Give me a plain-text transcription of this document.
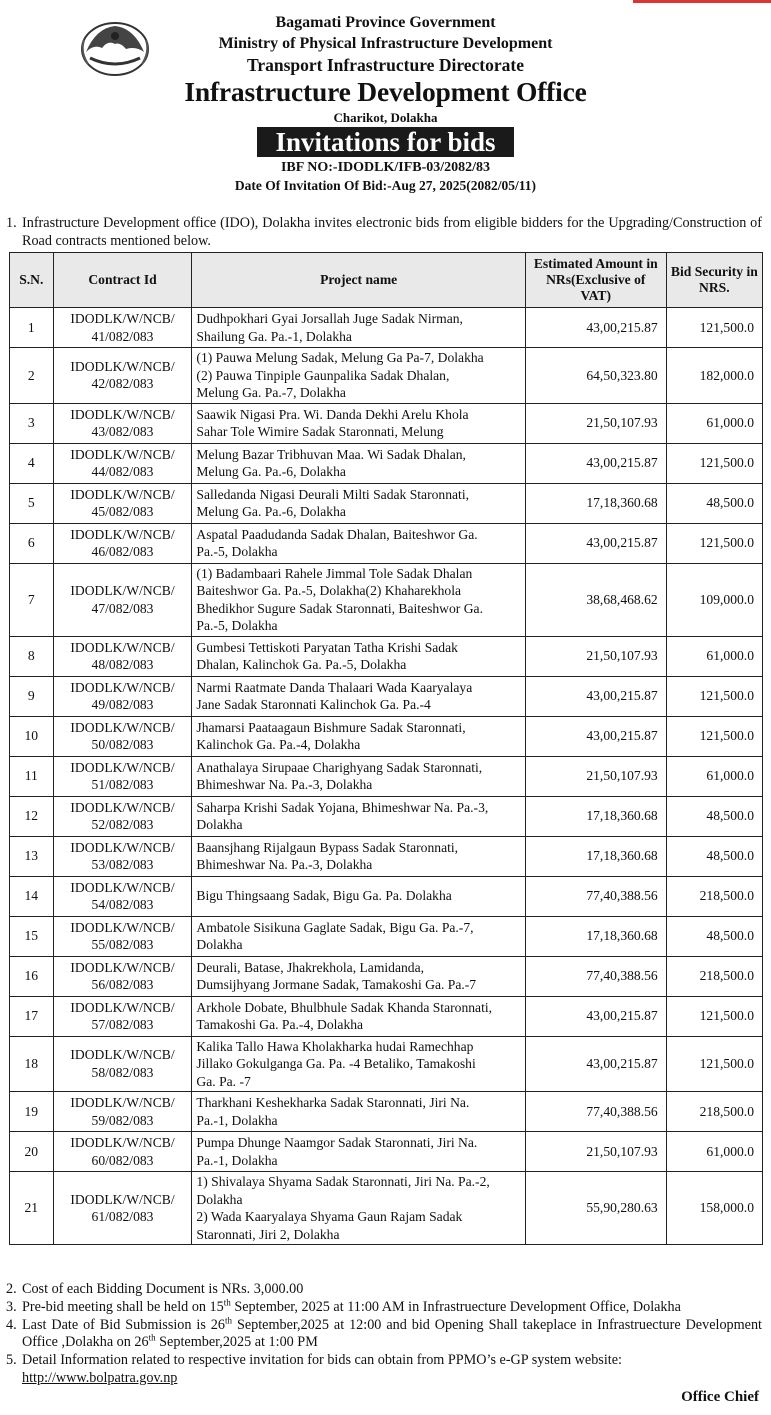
Bagamati Province Government
Ministry of Physical Infrastructure Development
Transport Infrastructure Directorate
Infrastructure Development Office
Charikot, Dolakha
Invitations for bids
IBF NO:-IDODLK/IFB-03/2082/83
Date Of Invitation Of Bid:-Aug 27, 2025(2082/05/11)
1. Infrastructure Development office (IDO), Dolakha invites electronic bids from eligible bidders for the Upgrading/Construction of Road contracts mentioned below.
S.N.	Contract Id	Project name	Estimated Amount in NRs(Exclusive of VAT)	Bid Security in NRS.
1	IDODLK/W/NCB/
41/082/083	Dudhpokhari Gyai Jorsallah Juge Sadak Nirman,
Shailung Ga. Pa.-1, Dolakha	43,00,215.87	121,500.0
2	IDODLK/W/NCB/
42/082/083	(1) Pauwa Melung Sadak, Melung Ga Pa-7, Dolakha
(2) Pauwa Tinpiple Gaunpalika Sadak Dhalan,
Melung Ga. Pa.-7, Dolakha	64,50,323.80	182,000.0
3	IDODLK/W/NCB/
43/082/083	Saawik Nigasi Pra. Wi. Danda Dekhi Arelu Khola
Sahar Tole Wimire Sadak Staronnati, Melung	21,50,107.93	61,000.0
4	IDODLK/W/NCB/
44/082/083	Melung Bazar Tribhuvan Maa. Wi Sadak Dhalan,
Melung Ga. Pa.-6, Dolakha	43,00,215.87	121,500.0
5	IDODLK/W/NCB/
45/082/083	Salledanda Nigasi Deurali Milti Sadak Staronnati,
Melung Ga. Pa.-6, Dolakha	17,18,360.68	48,500.0
6	IDODLK/W/NCB/
46/082/083	Aspatal Paadudanda Sadak Dhalan, Baiteshwor Ga.
Pa.-5, Dolakha	43,00,215.87	121,500.0
7	IDODLK/W/NCB/
47/082/083	(1) Badambaari Rahele Jimmal Tole Sadak Dhalan
Baiteshwor Ga. Pa.-5, Dolakha(2) Khaharekhola
Bhedikhor Sugure Sadak Staronnati, Baiteshwor Ga.
Pa.-5, Dolakha	38,68,468.62	109,000.0
8	IDODLK/W/NCB/
48/082/083	Gumbesi Tettiskoti Paryatan Tatha Krishi Sadak
Dhalan, Kalinchok Ga. Pa.-5, Dolakha	21,50,107.93	61,000.0
9	IDODLK/W/NCB/
49/082/083	Narmi Raatmate Danda Thalaari Wada Kaaryalaya
Jane Sadak Staronnati Kalinchok Ga. Pa.-4	43,00,215.87	121,500.0
10	IDODLK/W/NCB/
50/082/083	Jhamarsi Paataagaun Bishmure Sadak Staronnati,
Kalinchok Ga. Pa.-4, Dolakha	43,00,215.87	121,500.0
11	IDODLK/W/NCB/
51/082/083	Anathalaya Sirupaae Charighyang Sadak Staronnati,
Bhimeshwar Na. Pa.-3, Dolakha	21,50,107.93	61,000.0
12	IDODLK/W/NCB/
52/082/083	Saharpa Krishi Sadak Yojana, Bhimeshwar Na. Pa.-3,
Dolakha	17,18,360.68	48,500.0
13	IDODLK/W/NCB/
53/082/083	Baansjhang Rijalgaun Bypass Sadak Staronnati,
Bhimeshwar Na. Pa.-3, Dolakha	17,18,360.68	48,500.0
14	IDODLK/W/NCB/
54/082/083	Bigu Thingsaang Sadak, Bigu Ga. Pa. Dolakha	77,40,388.56	218,500.0
15	IDODLK/W/NCB/
55/082/083	Ambatole Sisikuna Gaglate Sadak, Bigu Ga. Pa.-7,
Dolakha	17,18,360.68	48,500.0
16	IDODLK/W/NCB/
56/082/083	Deurali, Batase, Jhakrekhola, Lamidanda,
Dumsijhyang Jormane Sadak, Tamakoshi Ga. Pa.-7	77,40,388.56	218,500.0
17	IDODLK/W/NCB/
57/082/083	Arkhole Dobate, Bhulbhule Sadak Khanda Staronnati,
Tamakoshi Ga. Pa.-4, Dolakha	43,00,215.87	121,500.0
18	IDODLK/W/NCB/
58/082/083	Kalika Tallo Hawa Kholakharka hudai Ramechhap
Jillako Gokulganga Ga. Pa. -4 Betaliko, Tamakoshi
Ga. Pa. -7	43,00,215.87	121,500.0
19	IDODLK/W/NCB/
59/082/083	Tharkhani Keshekharka Sadak Staronnati, Jiri Na.
Pa.-1, Dolakha	77,40,388.56	218,500.0
20	IDODLK/W/NCB/
60/082/083	Pumpa Dhunge Naamgor Sadak Staronnati, Jiri Na.
Pa.-1, Dolakha	21,50,107.93	61,000.0
21	IDODLK/W/NCB/
61/082/083	1) Shivalaya Shyama Sadak Staronnati, Jiri Na. Pa.-2,
Dolakha
2) Wada Kaaryalaya Shyama Gaun Rajam Sadak
Staronnati, Jiri 2, Dolakha	55,90,280.63	158,000.0
2. Cost of each Bidding Document is NRs. 3,000.00
3. Pre-bid meeting shall be held on 15th September, 2025 at 11:00 AM in Infrastruecture Development Office, Dolakha
4. Last Date of Bid Submission is 26th September,2025 at 12:00 and bid Opening Shall takeplace in Infrastruecture Development Office ,Dolakha on 26th September,2025 at 1:00 PM
5. Detail Information related to respective invitation for bids can obtain from PPMO’s e-GP system website:
http://www.bolpatra.gov.np
Office Chief
